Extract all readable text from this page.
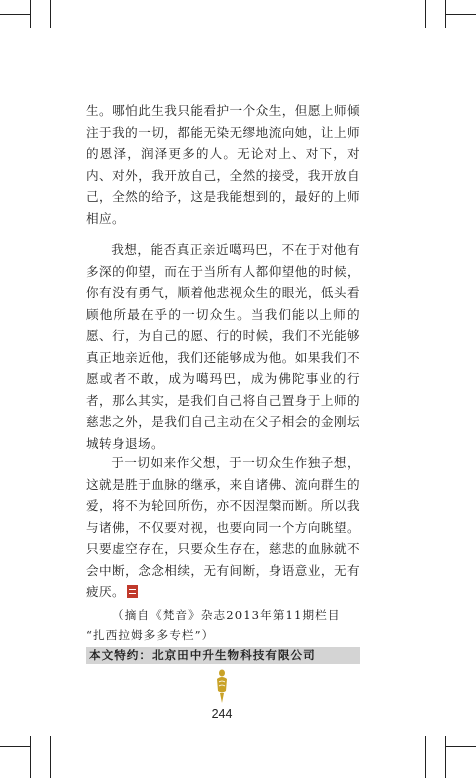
生。哪怕此生我只能看护一个众生，但愿上师倾注于我的一切，都能无染无缪地流向她，让上师的恩泽，润泽更多的人。无论对上、对下，对内、对外，我开放自己，全然的接受，我开放自己，全然的给予，这是我能想到的，最好的上师相应。

我想，能否真正亲近噶玛巴，不在于对他有多深的仰望，而在于当所有人都仰望他的时候，你有没有勇气，顺着他悲视众生的眼光，低头看顾他所最在乎的一切众生。当我们能以上师的愿、行，为自己的愿、行的时候，我们不光能够真正地亲近他，我们还能够成为他。如果我们不愿或者不敢，成为噶玛巴，成为佛陀事业的行者，那么其实，是我们自己将自己置身于上师的慈悲之外，是我们自己主动在父子相会的金刚坛城转身退场。

于一切如来作父想，于一切众生作独子想，这就是胜于血脉的继承，来自诸佛、流向群生的爱，将不为轮回所伤，亦不因涅槃而断。所以我与诸佛，不仅要对视，也要向同一个方向眺望。只要虚空存在，只要众生存在，慈悲的血脉就不会中断，念念相续，无有间断，身语意业，无有疲厌。

（摘自《梵音》杂志2013年第11期栏目
“扎西拉姆多多专栏”）

本文特约：北京田中升生物科技有限公司
244
